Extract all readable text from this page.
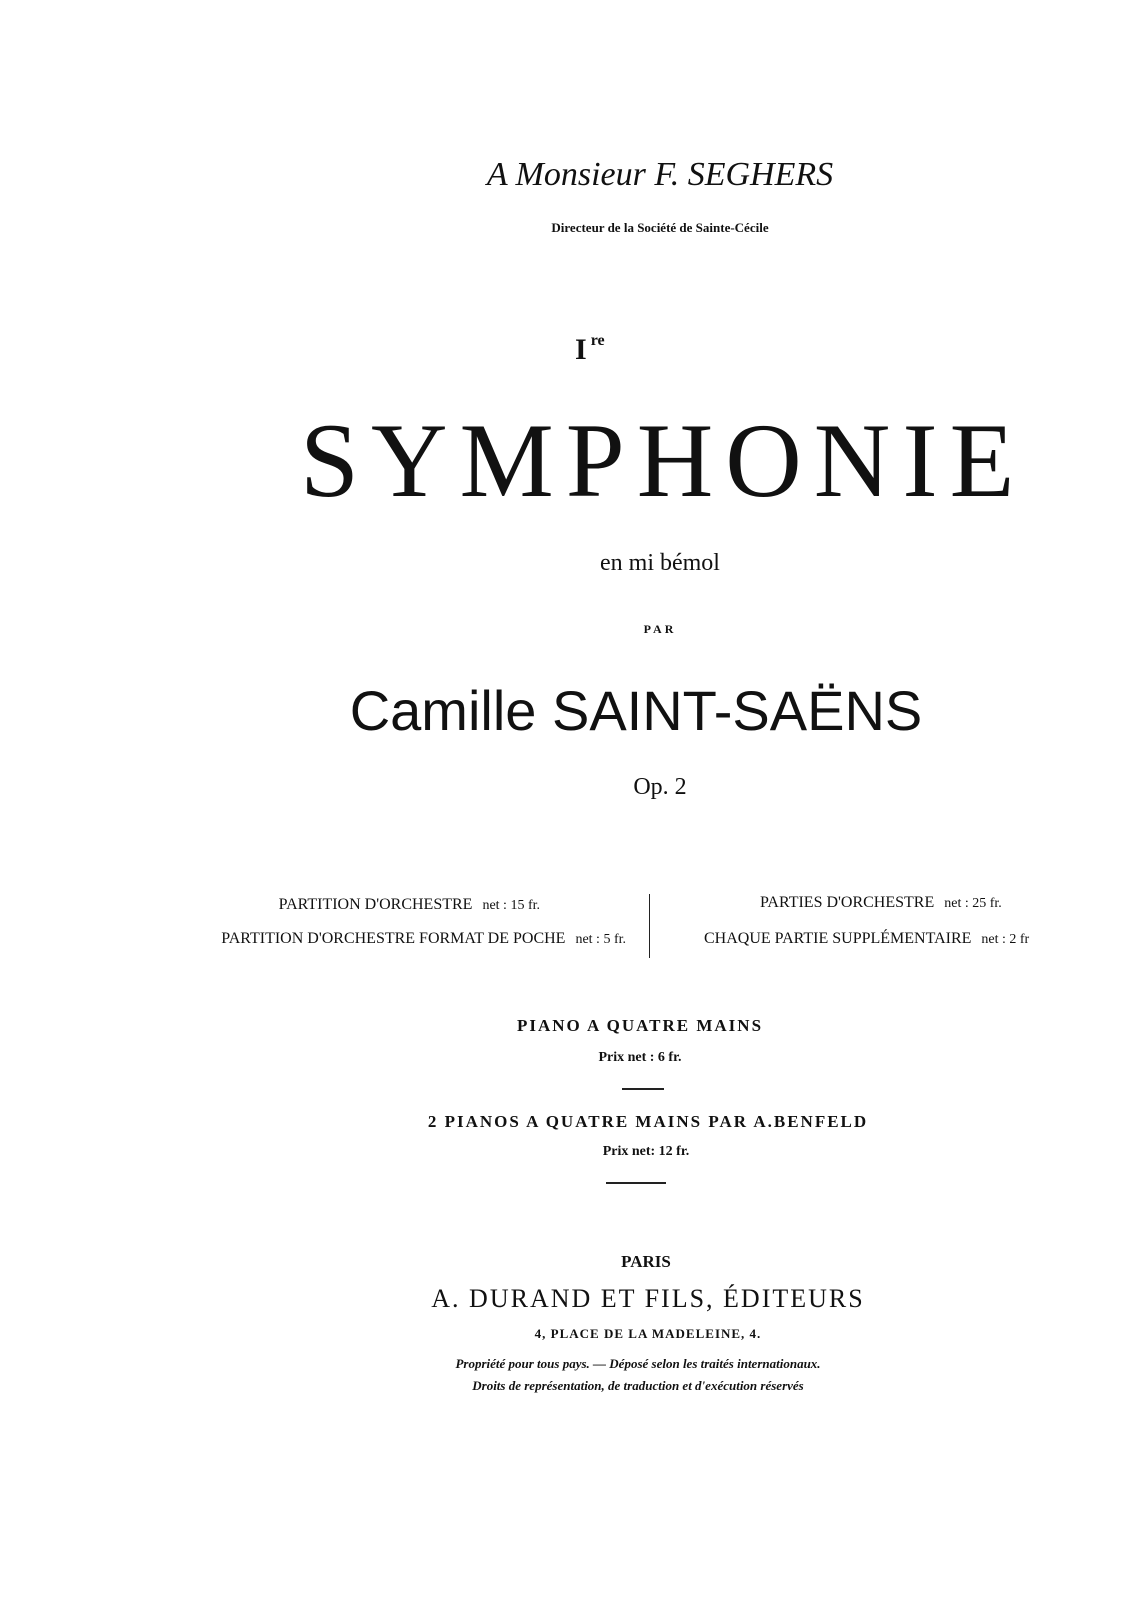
A Monsieur F. SEGHERS
Directeur de la Société de Sainte-Cécile
I $^{re}$
SYMPHONIE
en mi bémol
PAR
Camille SAINT-SAËNS
Op. 2
PARTITION D'ORCHESTRE net : 15 fr.
PARTITION D'ORCHESTRE FORMAT DE POCHE net : 5 fr.
PARTIES D'ORCHESTRE net : 25 fr.
CHAQUE PARTIE SUPPLÉMENTAIRE net : 2 fr
PIANO A QUATRE MAINS
Prix net : 6 fr.
2 PIANOS A QUATRE MAINS PAR A.BENFELD
Prix net: 12 fr.
PARIS
A. DURAND ET FILS, ÉDITEURS
4, PLACE DE LA MADELEINE, 4.
Propriété pour tous pays. — Déposé selon les traités internationaux.
Droits de représentation, de traduction et d'exécution réservés
